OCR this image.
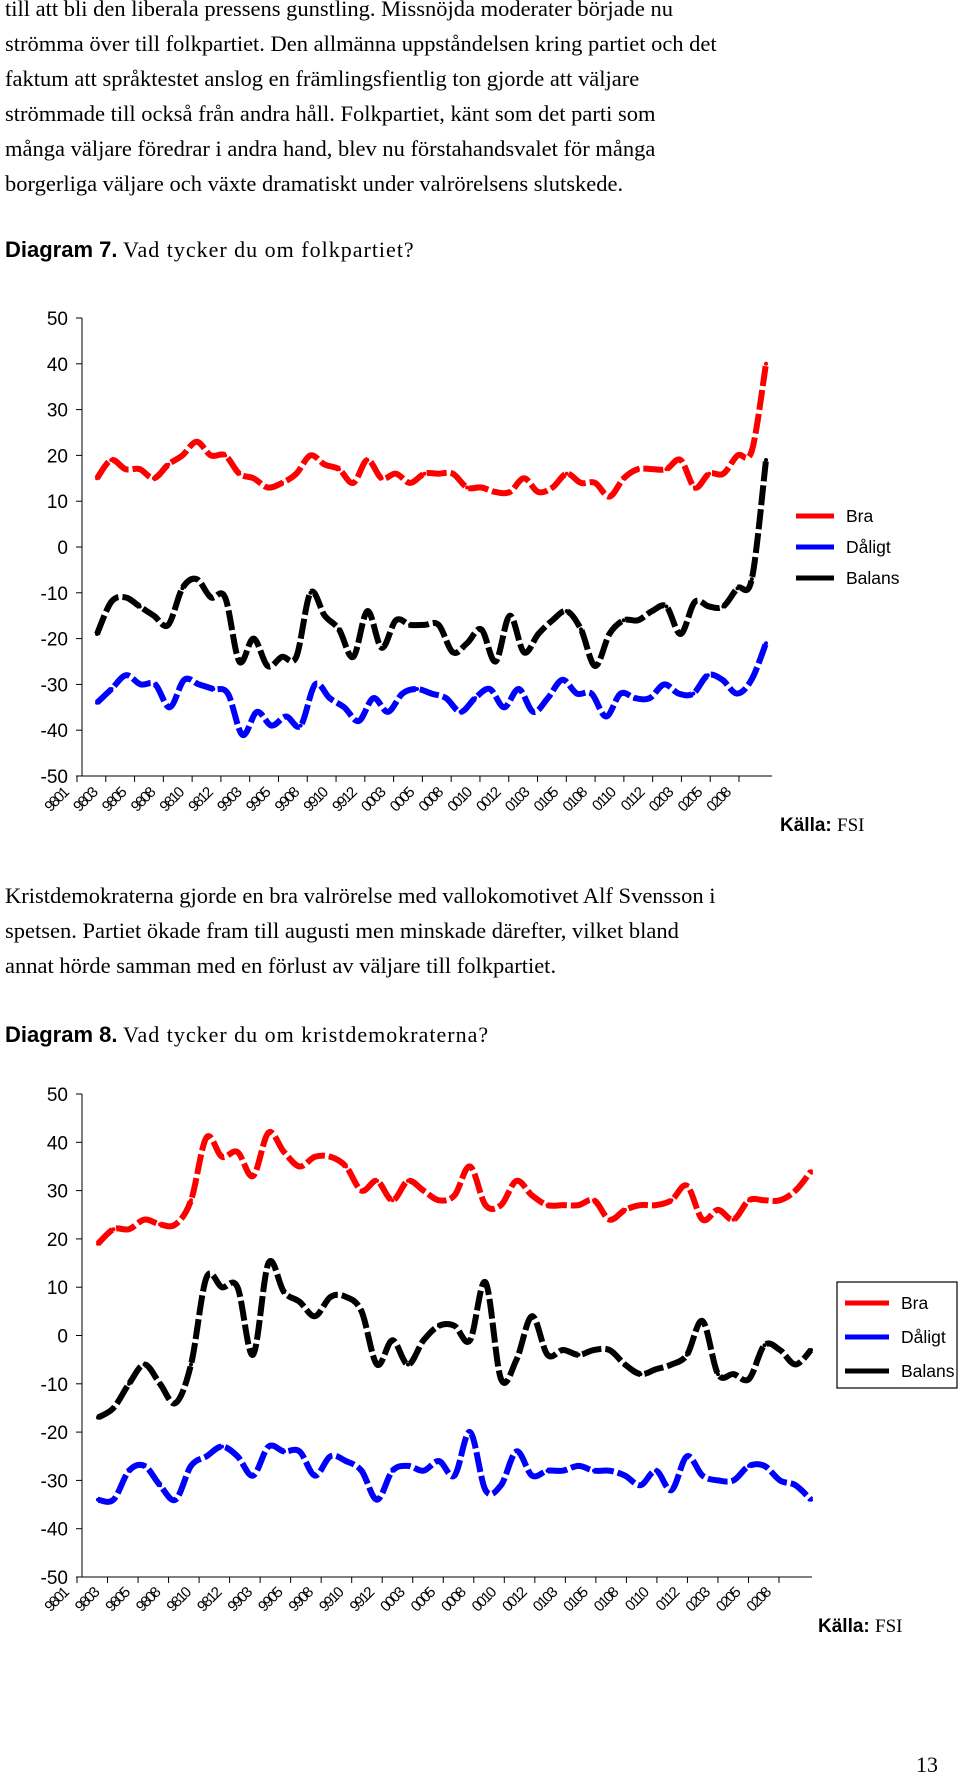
till att bli den liberala pressens gunstling. Missnöjda moderater började nu
strömma över till folkpartiet. Den allmänna uppståndelsen kring partiet och det
faktum att språktestet anslog en främlingsfientlig ton gjorde att väljare
strömmade till också från andra håll. Folkpartiet, känt som det parti som
många väljare föredrar i andra hand, blev nu förstahandsvalet för många
borgerliga väljare och växte dramatiskt under valrörelsens slutskede.
Diagram 7. Vad tycker du om folkpartiet?
50
40
30
20
10
0
-10
-20
-30
-40
-50
9801
9803
9805
9808
9810
9812
9903
9905
9908
9910
9912
0003
0005
0008
0010
0012
0103
0105
0108 0110 0112
0203
0205
0208
Bra
Dåligt
Balans
Källa: FSI
Kristdemokraterna gjorde en bra valrörelse med vallokomotivet Alf Svensson i
spetsen. Partiet ökade fram till augusti men minskade därefter, vilket bland
annat hörde samman med en förlust av väljare till folkpartiet.
Diagram 8. Vad tycker du om kristdemokraterna?
50
40
30
20
10
0
-10
-20
-30
-40
-50
9801 9803 9805 9808 9810 9812 9903 9905 9908 9910 9912 0003 0005 0008 0010 0012 0103 0105 0108 0110 0112 0203 0205 0208
Bra
Dåligt
Balans
Källa: FSI
13
